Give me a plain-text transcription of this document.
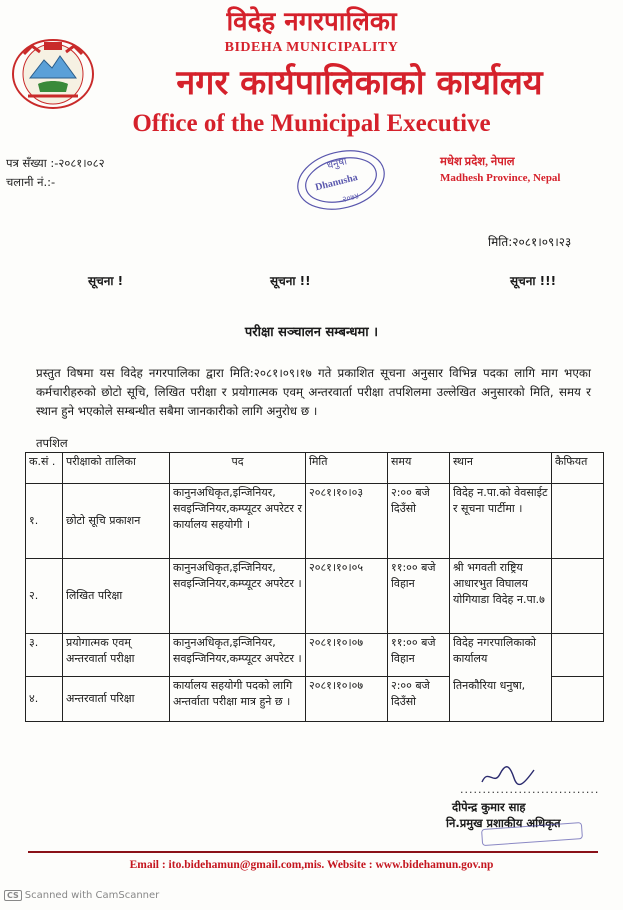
विदेह नगरपालिका
BIDEHA MUNICIPALITY
नगर कार्यपालिकाको कार्यालय
Office of the Municipal Executive
पत्र सँख्या :-२०८१।०८२
चलानी नं.:-
मधेश प्रदेश, नेपाल
Madhesh Province, Nepal
धनुषा
Dhanusha
२०७४
मिति:२०८१।०९।२३
सूचना !	सूचना !!	सूचना !!!
परीक्षा सञ्चालन सम्बन्धमा ।
प्रस्तुत विषमा यस विदेह नगरपालिका द्वारा मिति:२०८१।०९।१७ गते प्रकाशित सूचना अनुसार विभिन्न पदका लागि माग भएका कर्मचारीहरुको छोटो सूचि, लिखित परीक्षा र प्रयोगात्मक एवम् अन्तरवार्ता परीक्षा तपशिलमा उल्लेखित अनुसारको मिति, समय र स्थान हुने भएकोले सम्बन्धीत सबैमा जानकारीको लागि अनुरोध छ ।
तपशिल
क.सं .	परीक्षाको तालिका	पद	मिति	समय	स्थान	कैफियत
१.	छोटो सूचि प्रकाशन	कानुनअधिकृत,इन्जिनियर, सवइन्जिनियर,कम्प्यूटर अपरेटर र कार्यालय सहयोगी ।	२०८१।१०।०३	२:०० बजे दिउँसो	विदेह न.पा.को वेवसाईट र सूचना पार्टीमा ।	
२.	लिखित परिक्षा	कानुनअधिकृत,इन्जिनियर, सवइन्जिनियर,कम्प्यूटर अपरेटर ।	२०८१।१०।०५	११:०० बजे विहान	श्री भगवती राष्ट्रिय आधारभुत विघालय योगियाडा विदेह न.पा.७	
३.	प्रयोगात्मक एवम् अन्तरवार्ता परीक्षा	कानुनअधिकृत,इन्जिनियर, सवइन्जिनियर,कम्प्यूटर अपरेटर ।	२०८१।१०।०७	११:०० बजे विहान	विदेह नगरपालिकाको कार्यालय	
४.	अन्तरवार्ता परिक्षा	कार्यालय सहयोगी पदको लागि अन्तर्वाता परीक्षा मात्र हुने छ ।	२०८१।१०।०७	२:०० बजे दिउँसो	तिनकौरिया धनुषा,	
...............................
दीपेन्द्र कुमार साह
नि.प्रमुख प्रशाकीय अधिकृत
Email : ito.bidehamun@gmail.com,mis. Website : www.bidehamun.gov.np
CS Scanned with CamScanner
